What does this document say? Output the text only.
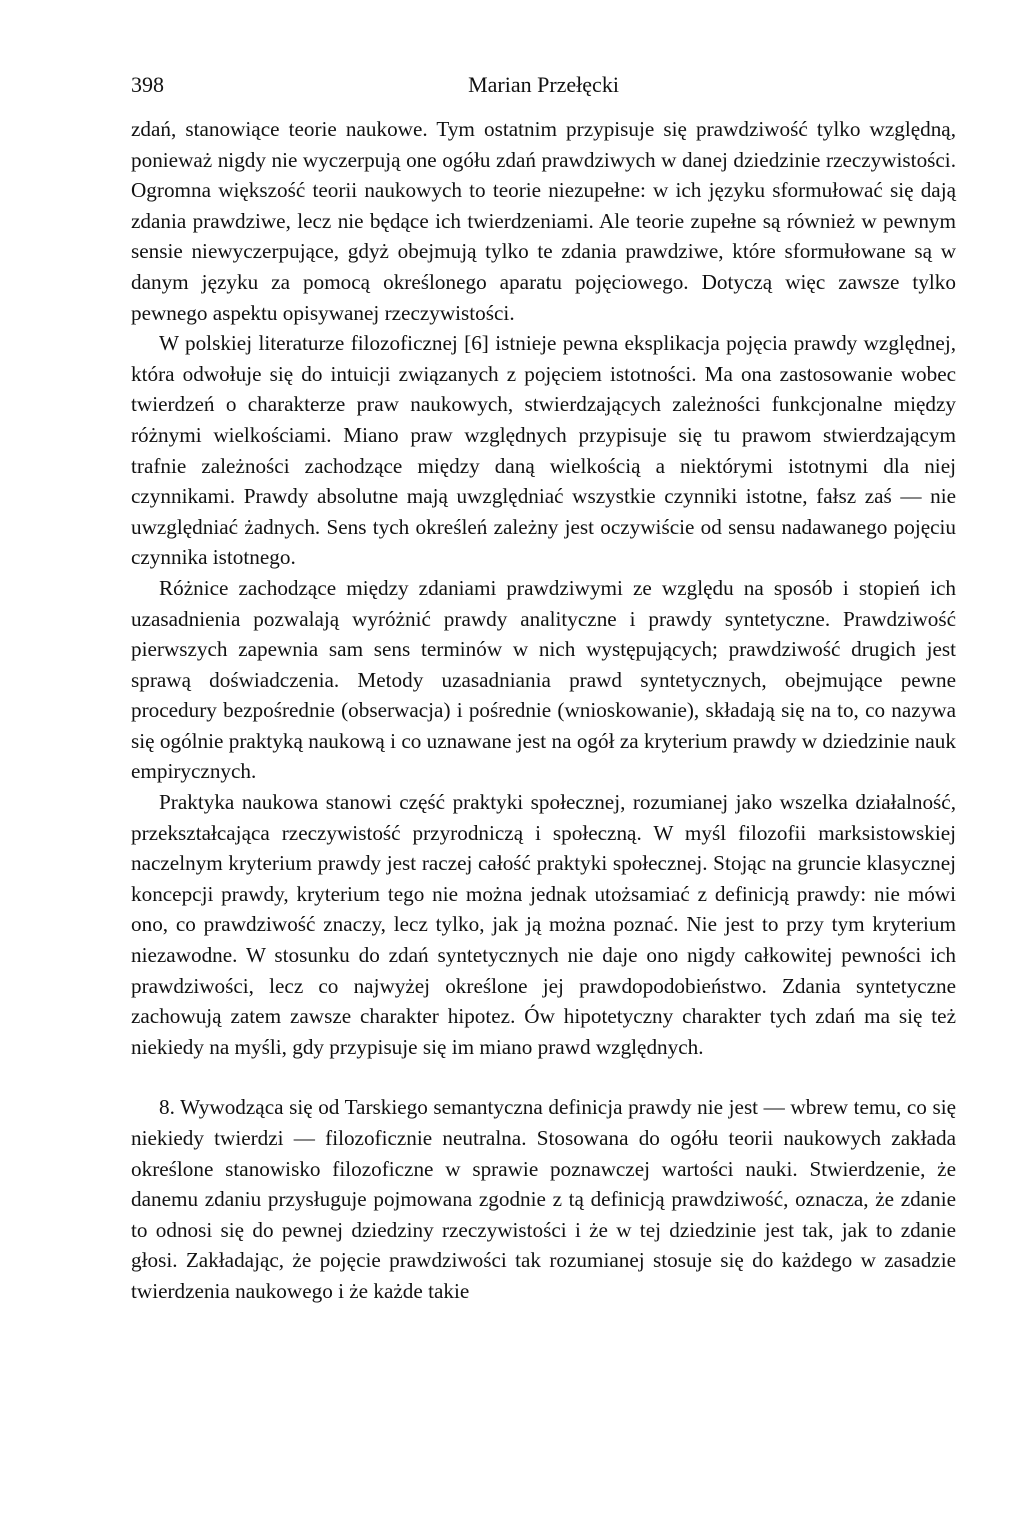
398	Marian Przełęcki

zdań, stanowiące teorie naukowe. Tym ostatnim przypisuje się prawdziwość tylko względną, ponieważ nigdy nie wyczerpują one ogółu zdań prawdziwych w danej dziedzinie rzeczywistości. Ogromna większość teorii naukowych to teorie niezupełne: w ich języku sformułować się dają zdania prawdziwe, lecz nie będące ich twierdzeniami. Ale teorie zupełne są również w pewnym sensie niewyczerpujące, gdyż obejmują tylko te zdania prawdziwe, które sformułowane są w danym języku za pomocą określonego aparatu pojęciowego. Dotyczą więc zawsze tylko pewnego aspektu opisywanej rzeczywistości.

W polskiej literaturze filozoficznej [6] istnieje pewna eksplikacja pojęcia prawdy względnej, która odwołuje się do intuicji związanych z pojęciem istotności. Ma ona zastosowanie wobec twierdzeń o charakterze praw naukowych, stwierdzających zależności funkcjonalne między różnymi wielkościami. Miano praw względnych przypisuje się tu prawom stwierdzającym trafnie zależności zachodzące między daną wielkością a niektórymi istotnymi dla niej czynnikami. Prawdy absolutne mają uwzględniać wszystkie czynniki istotne, fałsz zaś — nie uwzględniać żadnych. Sens tych określeń zależny jest oczywiście od sensu nadawanego pojęciu czynnika istotnego.

Różnice zachodzące między zdaniami prawdziwymi ze względu na sposób i stopień ich uzasadnienia pozwalają wyróżnić prawdy analityczne i prawdy syntetyczne. Prawdziwość pierwszych zapewnia sam sens terminów w nich występujących; prawdziwość drugich jest sprawą doświadczenia. Metody uzasadniania prawd syntetycznych, obejmujące pewne procedury bezpośrednie (obserwacja) i pośrednie (wnioskowanie), składają się na to, co nazywa się ogólnie praktyką naukową i co uznawane jest na ogół za kryterium prawdy w dziedzinie nauk empirycznych.

Praktyka naukowa stanowi część praktyki społecznej, rozumianej jako wszelka działalność, przekształcająca rzeczywistość przyrodniczą i społeczną. W myśl filozofii marksistowskiej naczelnym kryterium prawdy jest raczej całość praktyki społecznej. Stojąc na gruncie klasycznej koncepcji prawdy, kryterium tego nie można jednak utożsamiać z definicją prawdy: nie mówi ono, co prawdziwość znaczy, lecz tylko, jak ją można poznać. Nie jest to przy tym kryterium niezawodne. W stosunku do zdań syntetycznych nie daje ono nigdy całkowitej pewności ich prawdziwości, lecz co najwyżej określone jej prawdopodobieństwo. Zdania syntetyczne zachowują zatem zawsze charakter hipotez. Ów hipotetyczny charakter tych zdań ma się też niekiedy na myśli, gdy przypisuje się im miano prawd względnych.

8. Wywodząca się od Tarskiego semantyczna definicja prawdy nie jest — wbrew temu, co się niekiedy twierdzi — filozoficznie neutralna. Stosowana do ogółu teorii naukowych zakłada określone stanowisko filozoficzne w sprawie poznawczej wartości nauki. Stwierdzenie, że danemu zdaniu przysługuje pojmowana zgodnie z tą definicją prawdziwość, oznacza, że zdanie to odnosi się do pewnej dziedziny rzeczywistości i że w tej dziedzinie jest tak, jak to zdanie głosi. Zakładając, że pojęcie prawdziwości tak rozumianej stosuje się do każdego w zasadzie twierdzenia naukowego i że każde takie
